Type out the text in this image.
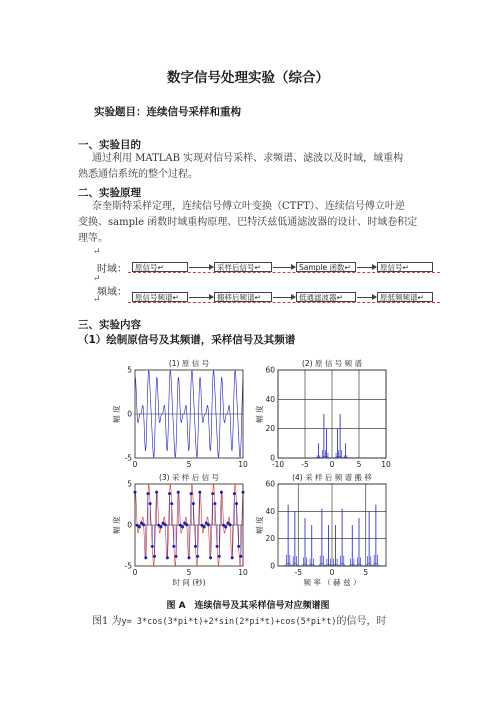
数字信号处理实验（综合）
实验题目：连续信号采样和重构
一、实验目的
通过利用 MATLAB 实现对信号采样、求频谱、滤波以及时域，域重构
熟悉通信系统的整个过程。
二、实验原理
奈奎斯特采样定理，连续信号傅立叶变换（CTFT）、连续信号傅立叶逆
变换、sample 函数时域重构原理、巴特沃兹低通滤波器的设计、时域卷积定
理等。
↵
时域：
↵
频域：
↵
原信号↵	采样后信号↵	Sample 函数↵	原信号↵
原信号频谱↵	搬移后频谱↵	低通滤波器↵	原低频频谱↵
三、实验内容
（1）绘制原信号及其频谱，采样信号及其频谱
(1) 原 信 号
0	5	10
5
0
-5
幅 度
(2) 原 信 号 频 谱
-10 -5	0	5	10
60
40
20
0
幅 度
(3) 采 样 后 信 号
0	5	10
5
0
-5
幅 度
时 间 (秒)
(4) 采 样 后 频 谱 搬 移
-5	0	5
60
40
20
0
幅 度
频 率 （ 赫 兹 ）
图 A　连续信号及其采样信号对应频谱图
图1 为y= 3*cos(3*pi*t)+2*sin(2*pi*t)+cos(5*pi*t)的信号，时
